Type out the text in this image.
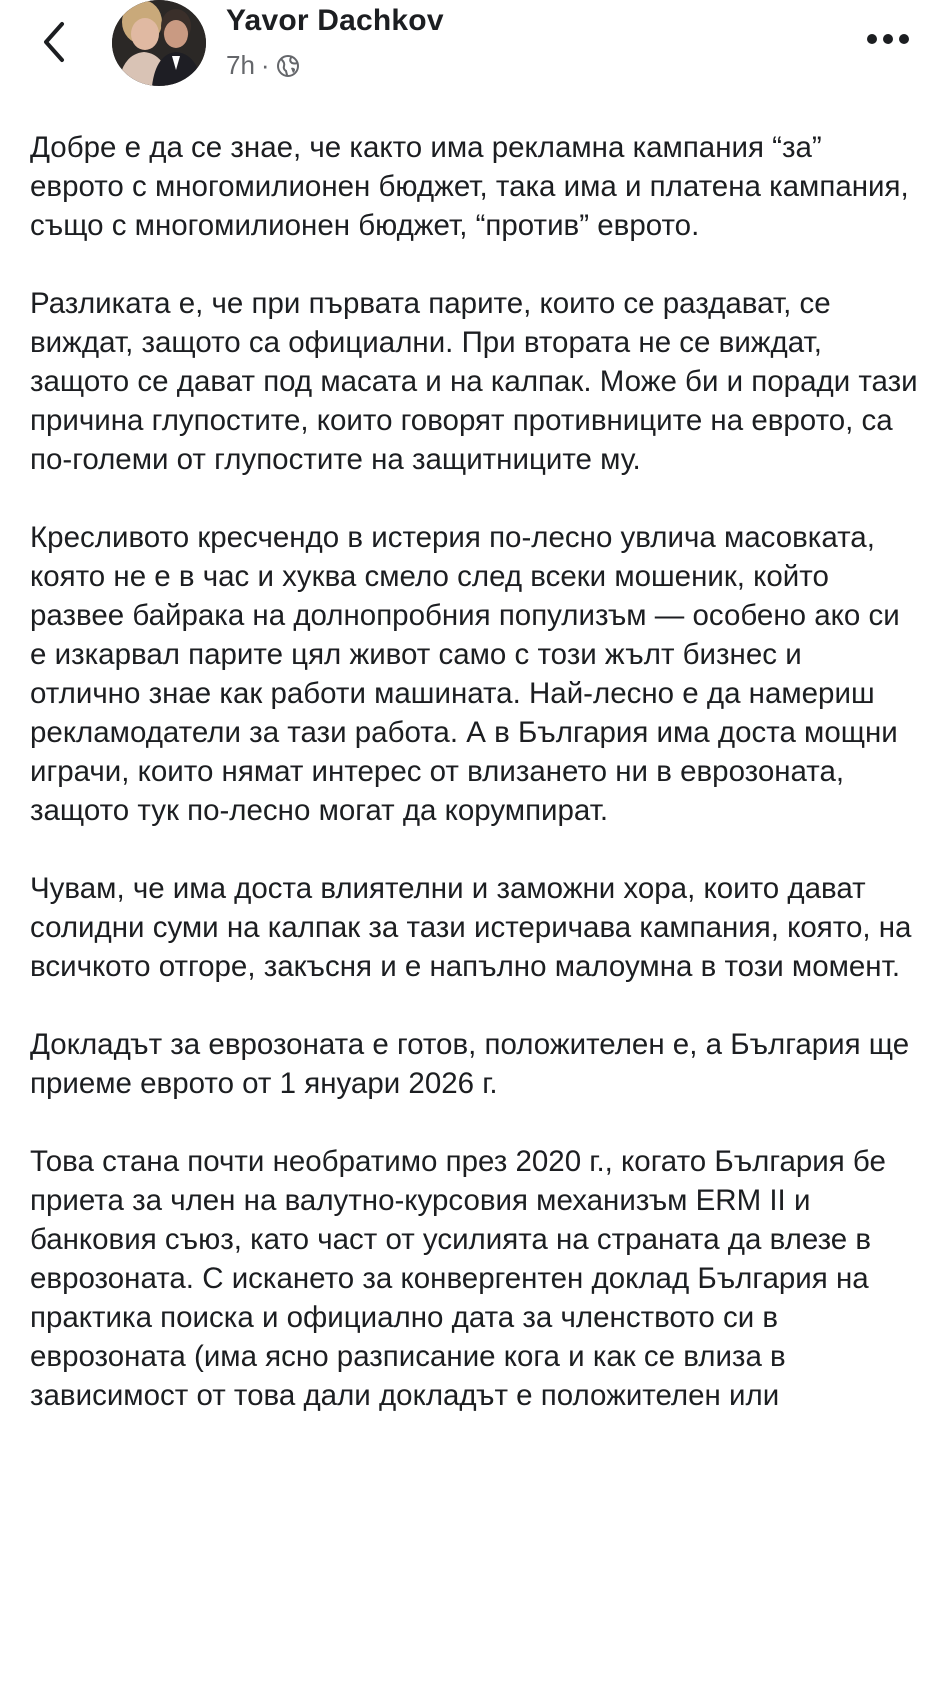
Yavor Dachkov
7h ·

Добре е да се знае, че както има рекламна кампания “за” еврото с многомилионен бюджет, така има и платена кампания, също с многомилионен бюджет, “против” еврото.

Разликата е, че при първата парите, които се раздават, се виждат, защото са официални. При втората не се виждат, защото се дават под масата и на калпак. Може би и поради тази причина глупостите, които говорят противниците на еврото, са по-големи от глупостите на защитниците му.

Кресливото кресчендо в истерия по-лесно увлича масовката, която не е в час и хуква смело след всеки мошеник, който развее байрака на долнопробния популизъм — особено ако си е изкарвал парите цял живот само с този жълт бизнес и отлично знае как работи машината. Най-лесно е да намериш рекламодатели за тази работа. А в България има доста мощни играчи, които нямат интерес от влизането ни в еврозоната, защото тук по-лесно могат да корумпират.

Чувам, че има доста влиятелни и заможни хора, които дават солидни суми на калпак за тази истеричава кампания, която, на всичкото отгоре, закъсня и е напълно малоумна в този момент.

Докладът за еврозоната е готов, положителен е, а България ще приеме еврото от 1 януари 2026 г.

Това стана почти необратимо през 2020 г., когато България бе приета за член на валутно-курсовия механизъм ERM II и банковия съюз, като част от усилията на страната да влезе в еврозоната. С искането за конвергентен доклад България на практика поиска и официално дата за членството си в еврозоната (има ясно разписание кога и как се влиза в зависимост от това дали докладът е положителен или
